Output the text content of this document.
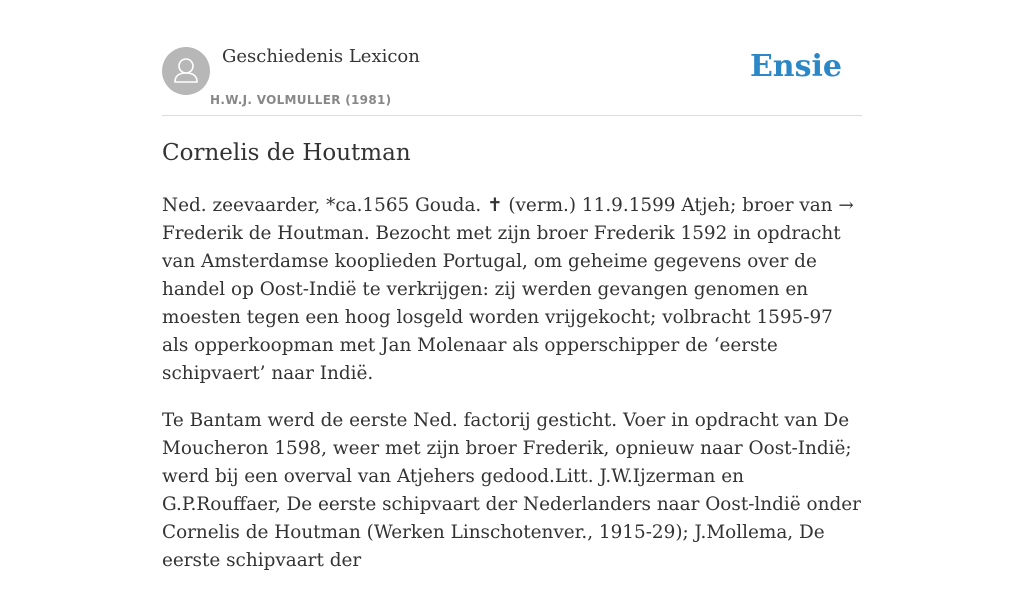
Geschiedenis Lexicon
H.W.J. VOLMULLER (1981)
Ensie
Cornelis de Houtman

Ned. zeevaarder, *ca.1565 Gouda. ✝ (verm.) 11.9.1599 Atjeh; broer van → Frederik de Houtman. Bezocht met zijn broer Frederik 1592 in opdracht van Amsterdamse kooplieden Portugal, om geheime gegevens over de handel op Oost-Indië te verkrijgen: zij werden gevangen genomen en moesten tegen een hoog losgeld worden vrijgekocht; volbracht 1595-97 als opperkoopman met Jan Molenaar als opperschipper de ‘eerste schipvaert’ naar Indië.

Te Bantam werd de eerste Ned. factorij gesticht. Voer in opdracht van De Moucheron 1598, weer met zijn broer Frederik, opnieuw naar Oost-Indië; werd bij een overval van Atjehers gedood.Litt. J.W.Ijzerman en G.P.Rouffaer, De eerste schipvaart der Nederlanders naar Oost-lndië onder Cornelis de Houtman (Werken Linschotenver., 1915-29); J.Mollema, De eerste schipvaart der
